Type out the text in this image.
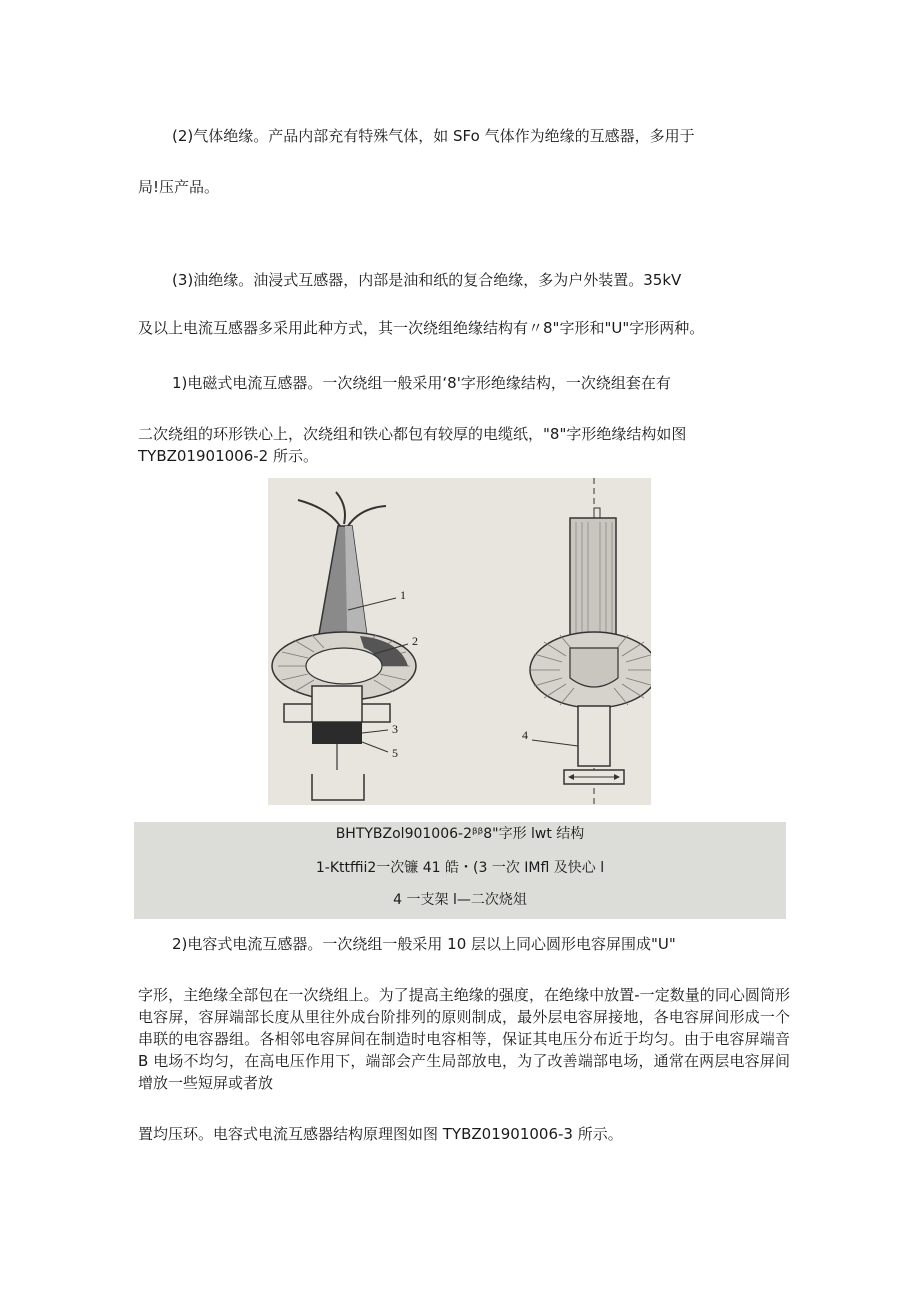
(2)气体绝缘。产品内部充有特殊气体，如 SFo 气体作为绝缘的互感器，多用于
局!压产品。
(3)油绝缘。油浸式互感器，内部是油和纸的复合绝缘，多为户外装置。35kV
及以上电流互感器多采用此种方式，其一次绕组绝缘结构有〃8"字形和"U"字形两种。
1)电磁式电流互感器。一次绕组一般采用‘8'字形绝缘结构，一次绕组套在有
二次绕组的环形铁心上，次绕组和铁心都包有较厚的电缆纸，"8"字形绝缘结构如图
TYBZ01901006-2 所示。
1
2
3
5
4
BHTYBZol901006-2ᵝᵝ8"字形 lwt 结构
1-Kttffii2一次镰 41 皓・(3 一次 IMfl 及快心 l
4 一支架 l—二次烧俎
2)电容式电流互感器。一次绕组一般采用 10 层以上同心圆形电容屏围成"U"
字形，主绝缘全部包在一次绕组上。为了提高主绝缘的强度，在绝缘中放置-一定数量的同心圆筒形电容屏，容屏端部长度从里往外成台阶排列的原则制成，最外层电容屏接地，各电容屏间形成一个串联的电容器组。各相邻电容屏间在制造时电容相等，保证其电压分布近于均匀。由于电容屏端音 B 电场不均匀，在高电压作用下，端部会产生局部放电，为了改善端部电场，通常在两层电容屏间增放一些短屏或者放
置均压环。电容式电流互感器结构原理图如图 TYBZ01901006-3 所示。
